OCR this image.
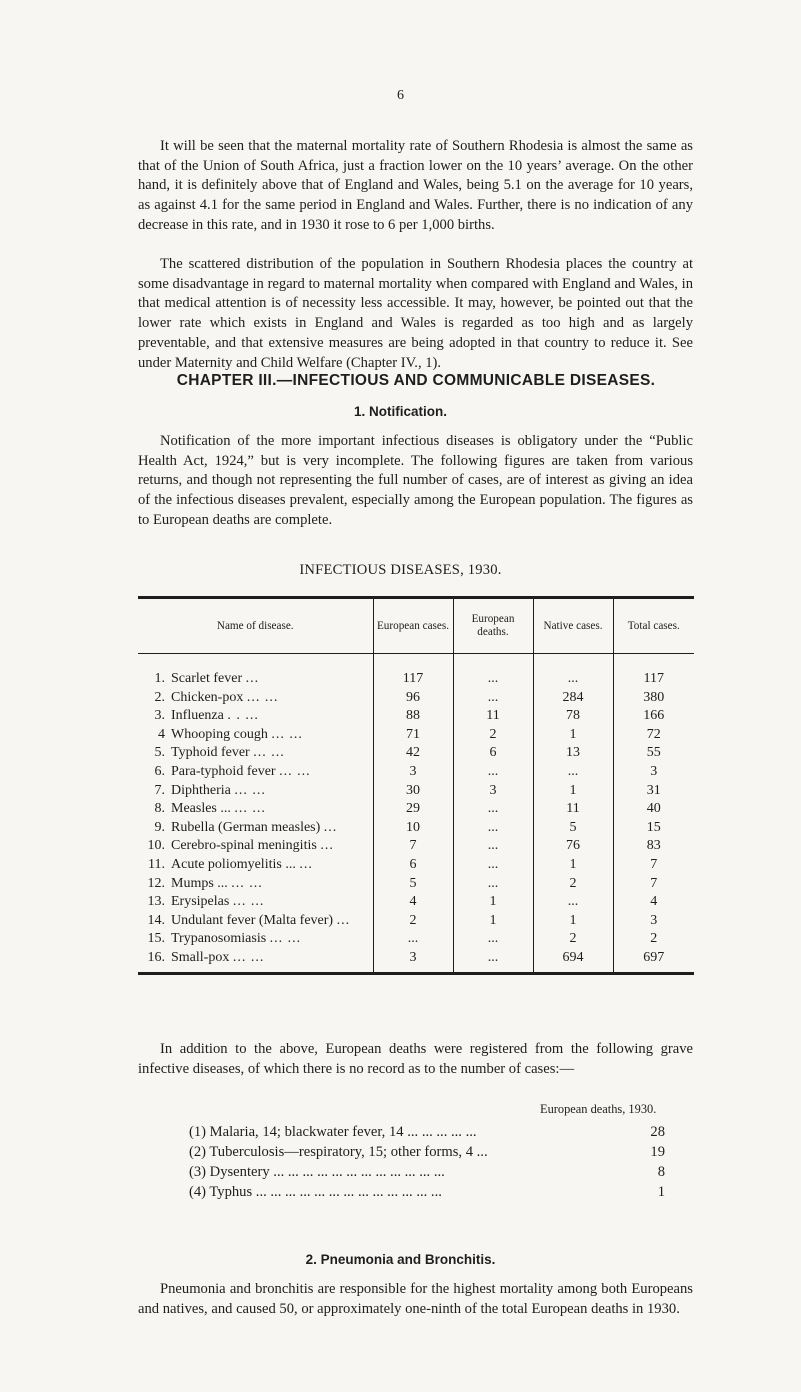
6

It will be seen that the maternal mortality rate of Southern Rhodesia is almost the same as that of the Union of South Africa, just a fraction lower on the 10 years’ average. On the other hand, it is definitely above that of England and Wales, being 5.1 on the average for 10 years, as against 4.1 for the same period in England and Wales. Further, there is no indication of any decrease in this rate, and in 1930 it rose to 6 per 1,000 births.

The scattered distribution of the population in Southern Rhodesia places the country at some disadvantage in regard to maternal mortality when compared with England and Wales, in that medical attention is of necessity less accessible. It may, however, be pointed out that the lower rate which exists in England and Wales is regarded as too high and as largely preventable, and that extensive measures are being adopted in that country to reduce it. See under Maternity and Child Welfare (Chapter IV., 1).

CHAPTER III.—INFECTIOUS AND COMMUNICABLE DISEASES.
1. Notification.

Notification of the more important infectious diseases is obligatory under the “Public Health Act, 1924,” but is very incomplete. The following figures are taken from various returns, and though not representing the full number of cases, are of interest as giving an idea of the infectious diseases prevalent, especially among the European population. The figures as to European deaths are complete.

INFECTIOUS DISEASES, 1930.
Name of disease.	European cases.	European deaths.	Native cases.	Total cases.
1. Scarlet fever ...	117	...	...	117
2. Chicken-pox ... ...	96	...	284	380
3. Influenza . . ...	88	11	78	166
4 Whooping cough ... ...	71	2	1	72
5. Typhoid fever ... ...	42	6	13	55
6. Para-typhoid fever ... ...	3	...	...	3
7. Diphtheria ... ...	30	3	1	31
8. Measles ... ... ...	29	...	11	40
9. Rubella (German measles) ...	10	...	5	15
10. Cerebro-spinal meningitis ...	7	...	76	83
11. Acute poliomyelitis ... ...	6	...	1	7
12. Mumps ... ... ...	5	...	2	7
13. Erysipelas ... ...	4	1	...	4
14. Undulant fever (Malta fever) ...	2	1	1	3
15. Trypanosomiasis ... ...	...	...	2	2
16. Small-pox ... ...	3	...	694	697

In addition to the above, European deaths were registered from the following grave infective diseases, of which there is no record as to the number of cases:—

European deaths, 1930.
(1) Malaria, 14; blackwater fever, 14 ... ... ... ... ...	28
(2) Tuberculosis—respiratory, 15; other forms, 4 ...	19
(3) Dysentery ... ... ... ... ... ... ... ... ... ... ... ...	8
(4) Typhus ... ... ... ... ... ... ... ... ... ... ... ... ...	1
2. Pneumonia and Bronchitis.

Pneumonia and bronchitis are responsible for the highest mortality among both Europeans and natives, and caused 50, or approximately one-ninth of the total European deaths in 1930.
